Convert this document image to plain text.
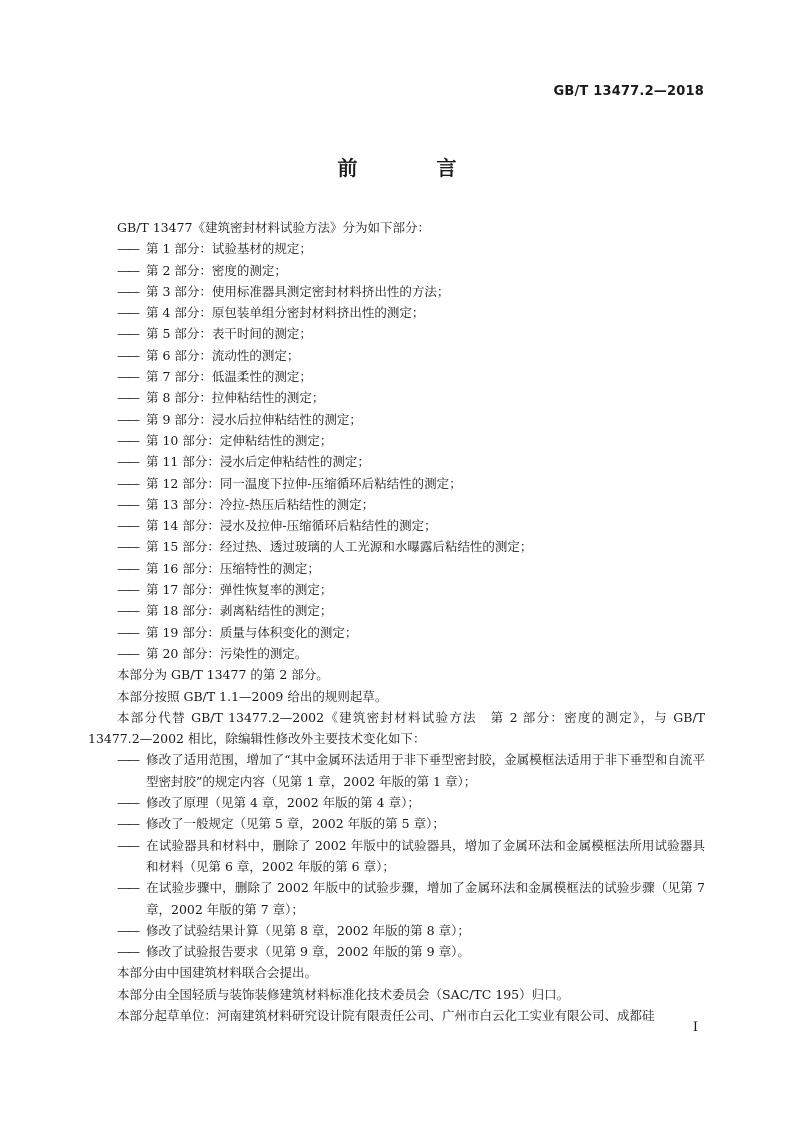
GB/T 13477.2—2018
前 言

GB/T 13477《建筑密封材料试验方法》分为如下部分：

—— 第 1 部分：试验基材的规定；

—— 第 2 部分：密度的测定；

—— 第 3 部分：使用标准器具测定密封材料挤出性的方法；

—— 第 4 部分：原包装单组分密封材料挤出性的测定；

—— 第 5 部分：表干时间的测定；

—— 第 6 部分：流动性的测定；

—— 第 7 部分：低温柔性的测定；

—— 第 8 部分：拉伸粘结性的测定；

—— 第 9 部分：浸水后拉伸粘结性的测定；

—— 第 10 部分：定伸粘结性的测定；

—— 第 11 部分：浸水后定伸粘结性的测定；

—— 第 12 部分：同一温度下拉伸-压缩循环后粘结性的测定；

—— 第 13 部分：冷拉-热压后粘结性的测定；

—— 第 14 部分：浸水及拉伸-压缩循环后粘结性的测定；

—— 第 15 部分：经过热、透过玻璃的人工光源和水曝露后粘结性的测定；

—— 第 16 部分：压缩特性的测定；

—— 第 17 部分：弹性恢复率的测定；

—— 第 18 部分：剥离粘结性的测定；

—— 第 19 部分：质量与体积变化的测定；

—— 第 20 部分：污染性的测定。

本部分为 GB/T 13477 的第 2 部分。

本部分按照 GB/T 1.1—2009 给出的规则起草。

本部分代替 GB/T 13477.2—2002《建筑密封材料试验方法　第 2 部分：密度的测定》，与 GB/T 13477.2—2002 相比，除编辑性修改外主要技术变化如下：

—— 修改了适用范围，增加了“其中金属环法适用于非下垂型密封胶，金属模框法适用于非下垂型和自流平型密封胶”的规定内容（见第 1 章，2002 年版的第 1 章）；

—— 修改了原理（见第 4 章，2002 年版的第 4 章）；

—— 修改了一般规定（见第 5 章，2002 年版的第 5 章）；

—— 在试验器具和材料中，删除了 2002 年版中的试验器具，增加了金属环法和金属模框法所用试验器具和材料（见第 6 章，2002 年版的第 6 章）；

—— 在试验步骤中，删除了 2002 年版中的试验步骤，增加了金属环法和金属模框法的试验步骤（见第 7 章，2002 年版的第 7 章）；

—— 修改了试验结果计算（见第 8 章，2002 年版的第 8 章）；

—— 修改了试验报告要求（见第 9 章，2002 年版的第 9 章）。

本部分由中国建筑材料联合会提出。

本部分由全国轻质与装饰装修建筑材料标准化技术委员会（SAC/TC 195）归口。

本部分起草单位：河南建筑材料研究设计院有限责任公司、广州市白云化工实业有限公司、成都硅

I
